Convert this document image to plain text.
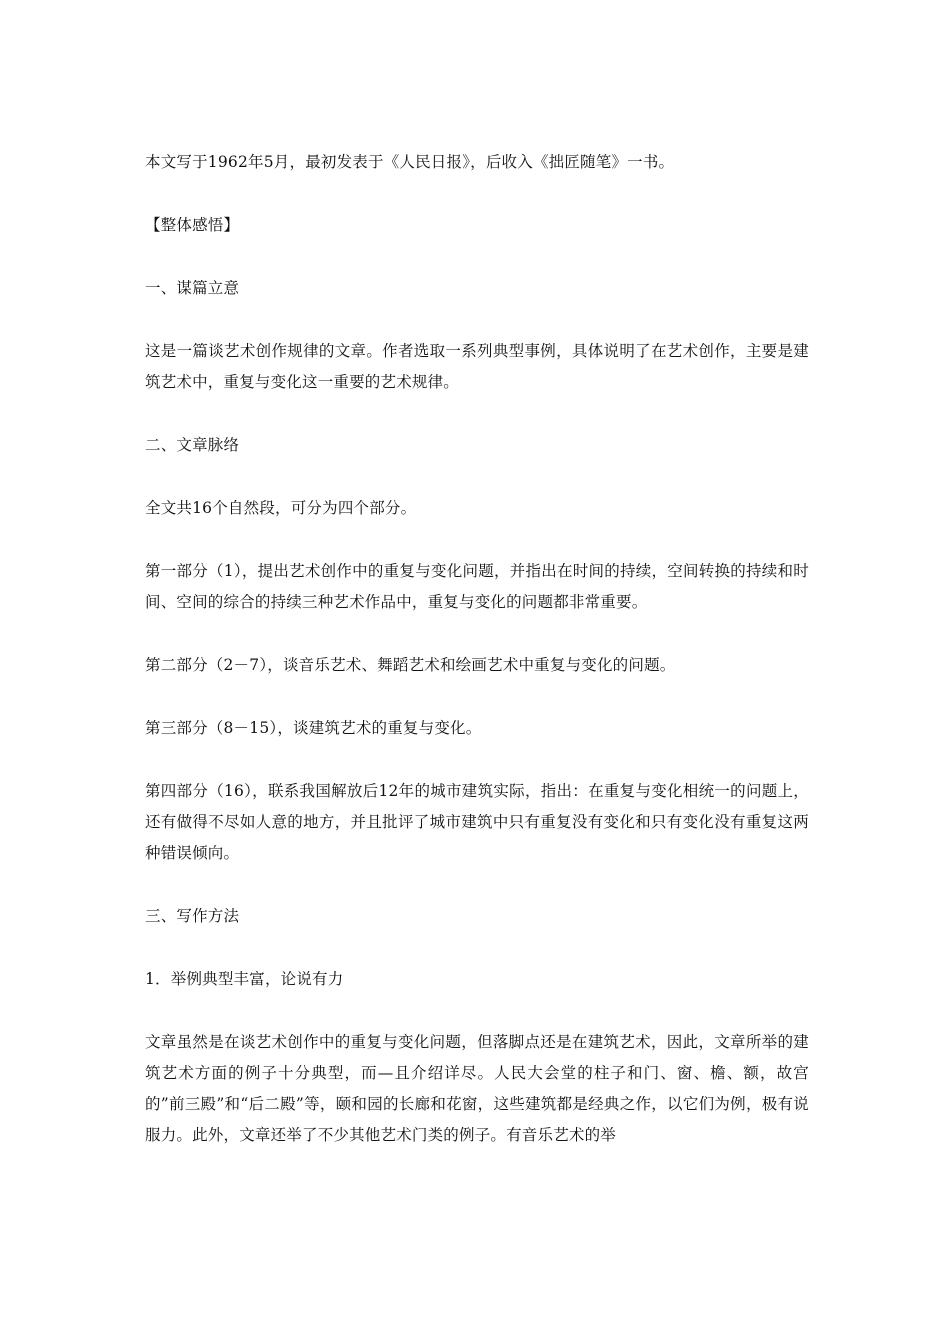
本文写于1962年5月，最初发表于《人民日报》，后收入《拙匠随笔》一书。

【整体感悟】

一、谋篇立意

这是一篇谈艺术创作规律的文章。作者选取一系列典型事例，具体说明了在艺术创作，主要是建筑艺术中，重复与变化这一重要的艺术规律。

二、文章脉络

全文共16个自然段，可分为四个部分。

第一部分（1），提出艺术创作中的重复与变化问题，并指出在时间的持续，空间转换的持续和时间、空间的综合的持续三种艺术作品中，重复与变化的问题都非常重要。

第二部分（2－7），谈音乐艺术、舞蹈艺术和绘画艺术中重复与变化的问题。

第三部分（8－15），谈建筑艺术的重复与变化。

第四部分（16），联系我国解放后12年的城市建筑实际，指出：在重复与变化相统一的问题上，还有做得不尽如人意的地方，并且批评了城市建筑中只有重复没有变化和只有变化没有重复这两种错误倾向。

三、写作方法

1．举例典型丰富，论说有力

文章虽然是在谈艺术创作中的重复与变化问题，但落脚点还是在建筑艺术，因此，文章所举的建筑艺术方面的例子十分典型，而—且介绍详尽。人民大会堂的柱子和门、窗、檐、额，故宫的”前三殿”和“后二殿”等，颐和园的长廊和花窗，这些建筑都是经典之作，以它们为例，极有说服力。此外，文章还举了不少其他艺术门类的例子。有音乐艺术的举
